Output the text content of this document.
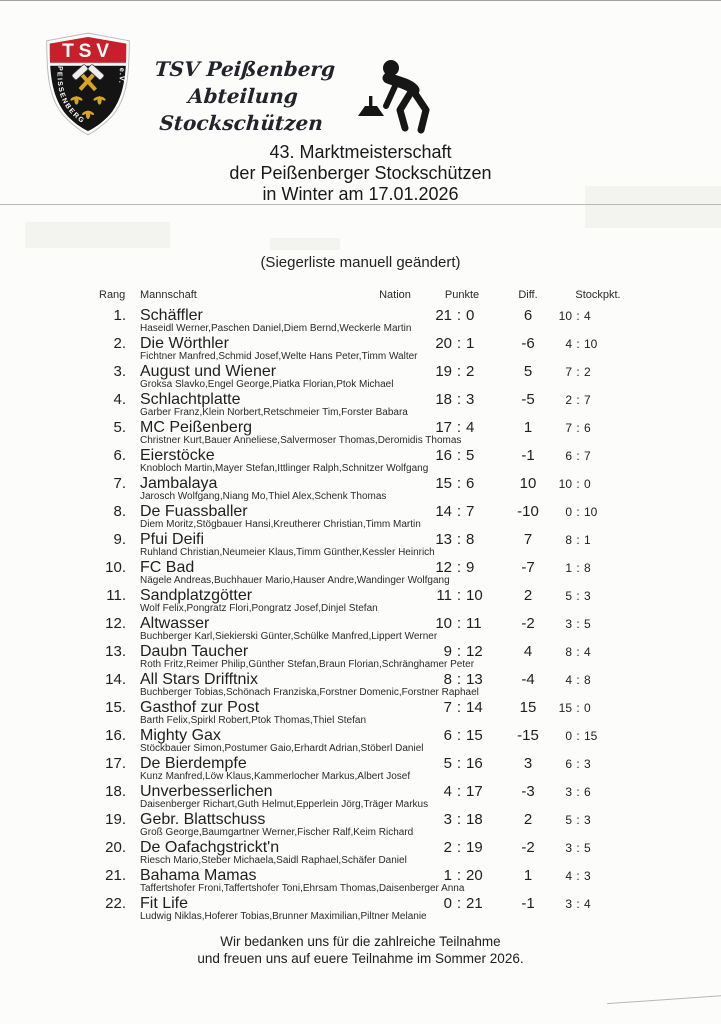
TSV
PEISSENBERG
e.V.
TSV Peißenberg Abteilung
Stockschützen
43. Marktmeisterschaft
der Peißenberger Stockschützen
in Winter am 17.01.2026
(Siegerliste manuell geändert)
Rang Mannschaft	Nation	Punkte	Diff.	Stockpkt.
1. Schäffler	21 : 0	6	10 : 4
Haseidl Werner,Paschen Daniel,Diem Bernd,Weckerle Martin
2. Die Wörthler	20 : 1	-6	4 : 10
Fichtner Manfred,Schmid Josef,Welte Hans Peter,Timm Walter
3. August und Wiener	19 : 2	5	7 : 2
Groksa Slavko,Engel George,Piatka Florian,Ptok Michael
4. Schlachtplatte	18 : 3	-5	2 : 7
Garber Franz,Klein Norbert,Retschmeier Tim,Forster Babara
5. MC Peißenberg	17 : 4	1	7 : 6
Christner Kurt,Bauer Anneliese,Salvermoser Thomas,Deromidis Thomas
6. Eierstöcke	16 : 5	-1	6 : 7
Knobloch Martin,Mayer Stefan,Ittlinger Ralph,Schnitzer Wolfgang
7. Jambalaya	15 : 6	10	10 : 0
Jarosch Wolfgang,Niang Mo,Thiel Alex,Schenk Thomas
8. De Fuassballer	14 : 7	-10	0 : 10
Diem Moritz,Stögbauer Hansi,Kreutherer Christian,Timm Martin
9. Pfui Deifi	13 : 8	7	8 : 1
Ruhland Christian,Neumeier Klaus,Timm Günther,Kessler Heinrich
10. FC Bad	12 : 9	-7	1 : 8
Nägele Andreas,Buchhauer Mario,Hauser Andre,Wandinger Wolfgang
11. Sandplatzgötter	11 : 10	2	5 : 3
Wolf Felix,Pongratz Flori,Pongratz Josef,Dinjel Stefan
12. Altwasser	10 : 11	-2	3 : 5
Buchberger Karl,Siekierski Günter,Schülke Manfred,Lippert Werner
13. Daubn Taucher	9 : 12	4	8 : 4
Roth Fritz,Reimer Philip,Günther Stefan,Braun Florian,Schränghamer Peter
14. All Stars Drifftnix	8 : 13	-4	4 : 8
Buchberger Tobias,Schönach Franziska,Forstner Domenic,Forstner Raphael
15. Gasthof zur Post	7 : 14	15	15 : 0
Barth Felix,Spirkl Robert,Ptok Thomas,Thiel Stefan
16. Mighty Gax	6 : 15	-15	0 : 15
Stöckbauer Simon,Postumer Gaio,Erhardt Adrian,Stöberl Daniel
17. De Bierdempfe	5 : 16	3	6 : 3
Kunz Manfred,Löw Klaus,Kammerlocher Markus,Albert Josef
18. Unverbesserlichen	4 : 17	-3	3 : 6
Daisenberger Richart,Guth Helmut,Epperlein Jörg,Träger Markus
19. Gebr. Blattschuss	3 : 18	2	5 : 3
Groß George,Baumgartner Werner,Fischer Ralf,Keim Richard
20. De Oafachgstrickt'n	2 : 19	-2	3 : 5
Riesch Mario,Steber Michaela,Saidl Raphael,Schäfer Daniel
21. Bahama Mamas	1 : 20	1	4 : 3
Taffertshofer Froni,Taffertshofer Toni,Ehrsam Thomas,Daisenberger Anna
22. Fit Life	0 : 21	-1	3 : 4
Ludwig Niklas,Hoferer Tobias,Brunner Maximilian,Piltner Melanie
Wir bedanken uns für die zahlreiche Teilnahme
und freuen uns auf euere Teilnahme im Sommer 2026.
